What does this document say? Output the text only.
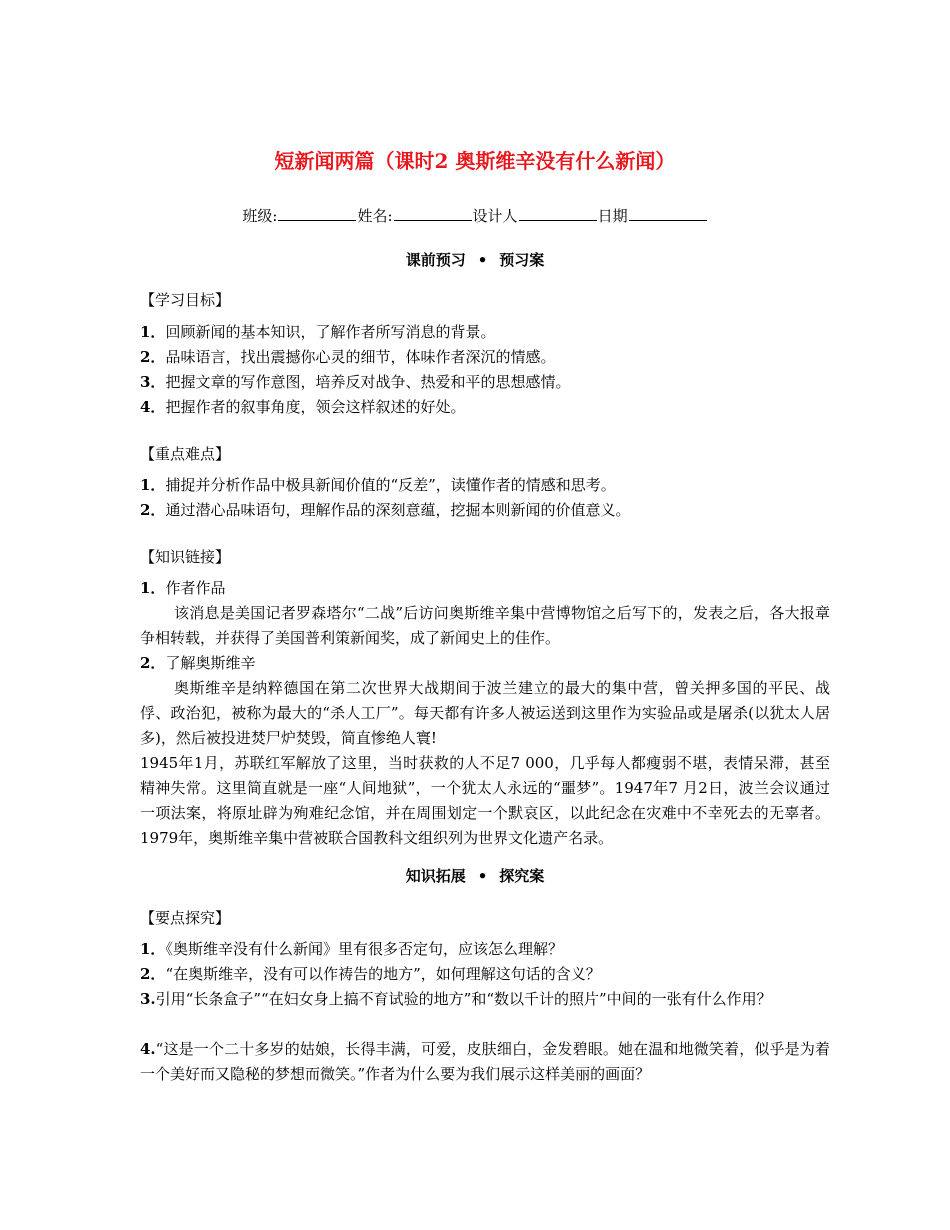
短新闻两篇（课时2 奥斯维辛没有什么新闻）
班级:	姓名:	设计人	日期
课前预习 • 预习案
【学习目标】
1．回顾新闻的基本知识，了解作者所写消息的背景。
2．品味语言，找出震撼你心灵的细节，体味作者深沉的情感。
3．把握文章的写作意图，培养反对战争、热爱和平的思想感情。
4．把握作者的叙事角度，领会这样叙述的好处。
【重点难点】
1．捕捉并分析作品中极具新闻价值的“反差”，读懂作者的情感和思考。
2．通过潜心品味语句，理解作品的深刻意蕴，挖掘本则新闻的价值意义。
【知识链接】
1．作者作品
该消息是美国记者罗森塔尔“二战”后访问奥斯维辛集中营博物馆之后写下的，发表之后，各大报章争相转载，并获得了美国普利策新闻奖，成了新闻史上的佳作。
2．了解奥斯维辛
奥斯维辛是纳粹德国在第二次世界大战期间于波兰建立的最大的集中营，曾关押多国的平民、战俘、政治犯，被称为最大的“杀人工厂”。每天都有许多人被运送到这里作为实验品或是屠杀(以犹太人居多)，然后被投进焚尸炉焚毁，简直惨绝人寰!
1945年1月，苏联红军解放了这里，当时获救的人不足7 000，几乎每人都瘦弱不堪，表情呆滞，甚至精神失常。这里简直就是一座“人间地狱”，一个犹太人永远的“噩梦”。1947年7 月2日，波兰会议通过一项法案，将原址辟为殉难纪念馆，并在周围划定一个默哀区，以此纪念在灾难中不幸死去的无辜者。1979年，奥斯维辛集中营被联合国教科文组织列为世界文化遗产名录。
知识拓展 • 探究案
【要点探究】
1．《奥斯维辛没有什么新闻》里有很多否定句，应该怎么理解？
2．“在奥斯维辛，没有可以作祷告的地方”，如何理解这句话的含义？
3.引用“长条盒子”“在妇女身上搞不育试验的地方”和“数以千计的照片”中间的一张有什么作用？
4.“这是一个二十多岁的姑娘，长得丰满，可爱，皮肤细白，金发碧眼。她在温和地微笑着，似乎是为着一个美好而又隐秘的梦想而微笑。”作者为什么要为我们展示这样美丽的画面？
